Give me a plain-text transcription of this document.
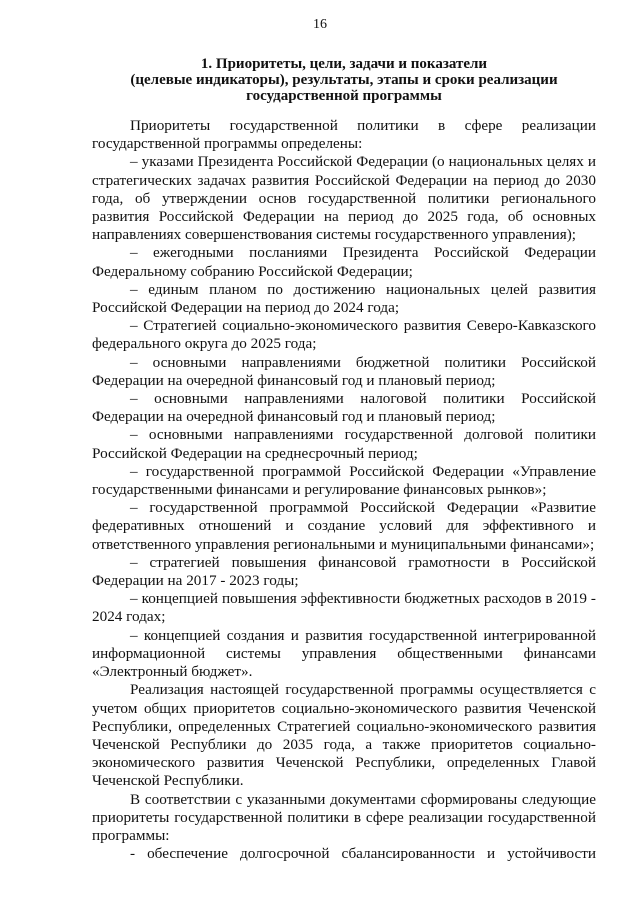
16
1. Приоритеты, цели, задачи и показатели
(целевые индикаторы), результаты, этапы и сроки реализации
государственной программы

Приоритеты государственной политики в сфере реализации государственной программы определены:

– указами Президента Российской Федерации (о национальных целях и стратегических задачах развития Российской Федерации на период до 2030 года, об утверждении основ государственной политики регионального развития Российской Федерации на период до 2025 года, об основных направлениях совершенствования системы государственного управления);

– ежегодными посланиями Президента Российской Федерации Федеральному собранию Российской Федерации;

– единым планом по достижению национальных целей развития Российской Федерации на период до 2024 года;

– Стратегией социально-экономического развития Северо-Кавказского федерального округа до 2025 года;

– основными направлениями бюджетной политики Российской Федерации на очередной финансовый год и плановый период;

– основными направлениями налоговой политики Российской Федерации на очередной финансовый год и плановый период;

– основными направлениями государственной долговой политики Российской Федерации на среднесрочный период;

– государственной программой Российской Федерации «Управление государственными финансами и регулирование финансовых рынков»;

– государственной программой Российской Федерации «Развитие федеративных отношений и создание условий для эффективного и ответственного управления региональными и муниципальными финансами»;

– стратегией повышения финансовой грамотности в Российской Федерации на 2017 - 2023 годы;

– концепцией повышения эффективности бюджетных расходов в 2019 - 2024 годах;

– концепцией создания и развития государственной интегрированной информационной системы управления общественными финансами «Электронный бюджет».

Реализация настоящей государственной программы осуществляется с учетом общих приоритетов социально-экономического развития Чеченской Республики, определенных Стратегией социально-экономического развития Чеченской Республики до 2035 года, а также приоритетов социально-экономического развития Чеченской Республики, определенных Главой Чеченской Республики.

В соответствии с указанными документами сформированы следующие приоритеты государственной политики в сфере реализации государственной программы:

- обеспечение долгосрочной сбалансированности и устойчивости
